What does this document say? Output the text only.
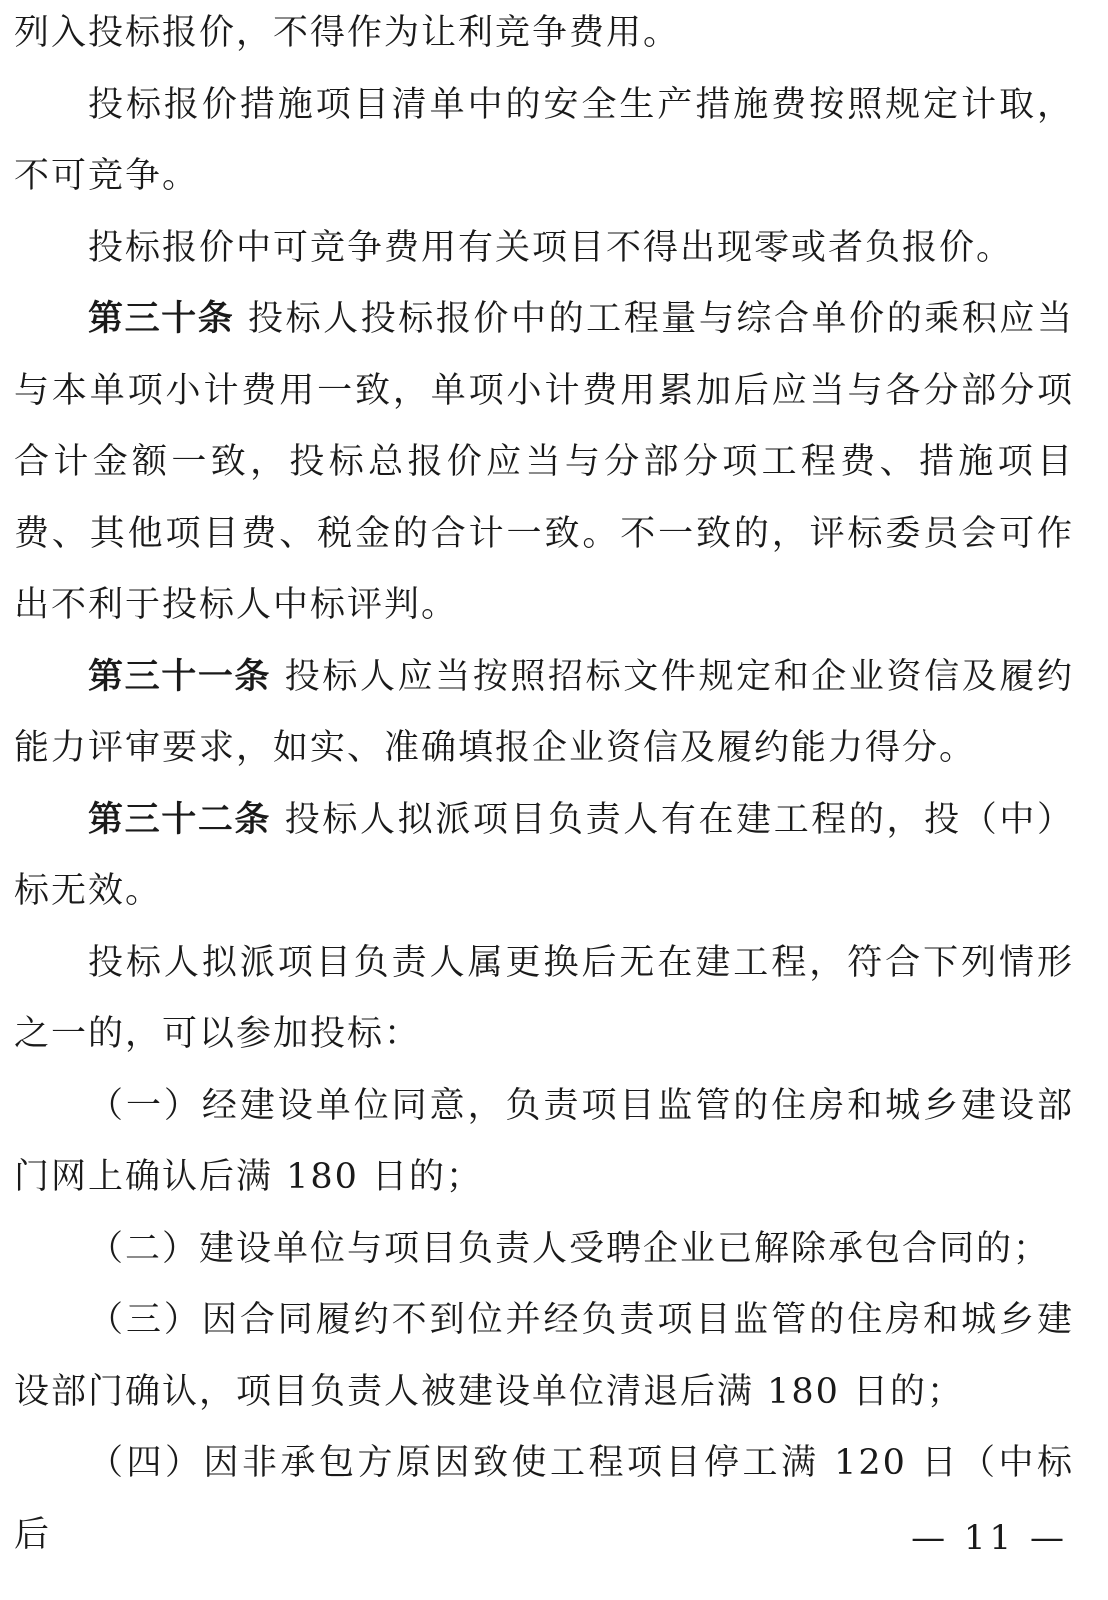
列入投标报价，不得作为让利竞争费用。

投标报价措施项目清单中的安全生产措施费按照规定计取，不可竞争。

投标报价中可竞争费用有关项目不得出现零或者负报价。

第三十条 投标人投标报价中的工程量与综合单价的乘积应当与本单项小计费用一致，单项小计费用累加后应当与各分部分项合计金额一致，投标总报价应当与分部分项工程费、措施项目费、其他项目费、税金的合计一致。不一致的，评标委员会可作出不利于投标人中标评判。

第三十一条 投标人应当按照招标文件规定和企业资信及履约能力评审要求，如实、准确填报企业资信及履约能力得分。

第三十二条 投标人拟派项目负责人有在建工程的，投（中）标无效。

投标人拟派项目负责人属更换后无在建工程，符合下列情形之一的，可以参加投标：

（一）经建设单位同意，负责项目监管的住房和城乡建设部门网上确认后满 180 日的；

（二）建设单位与项目负责人受聘企业已解除承包合同的；

（三）因合同履约不到位并经负责项目监管的住房和城乡建设部门确认，项目负责人被建设单位清退后满 180 日的；

（四）因非承包方原因致使工程项目停工满 120 日（中标后	— 11 —
